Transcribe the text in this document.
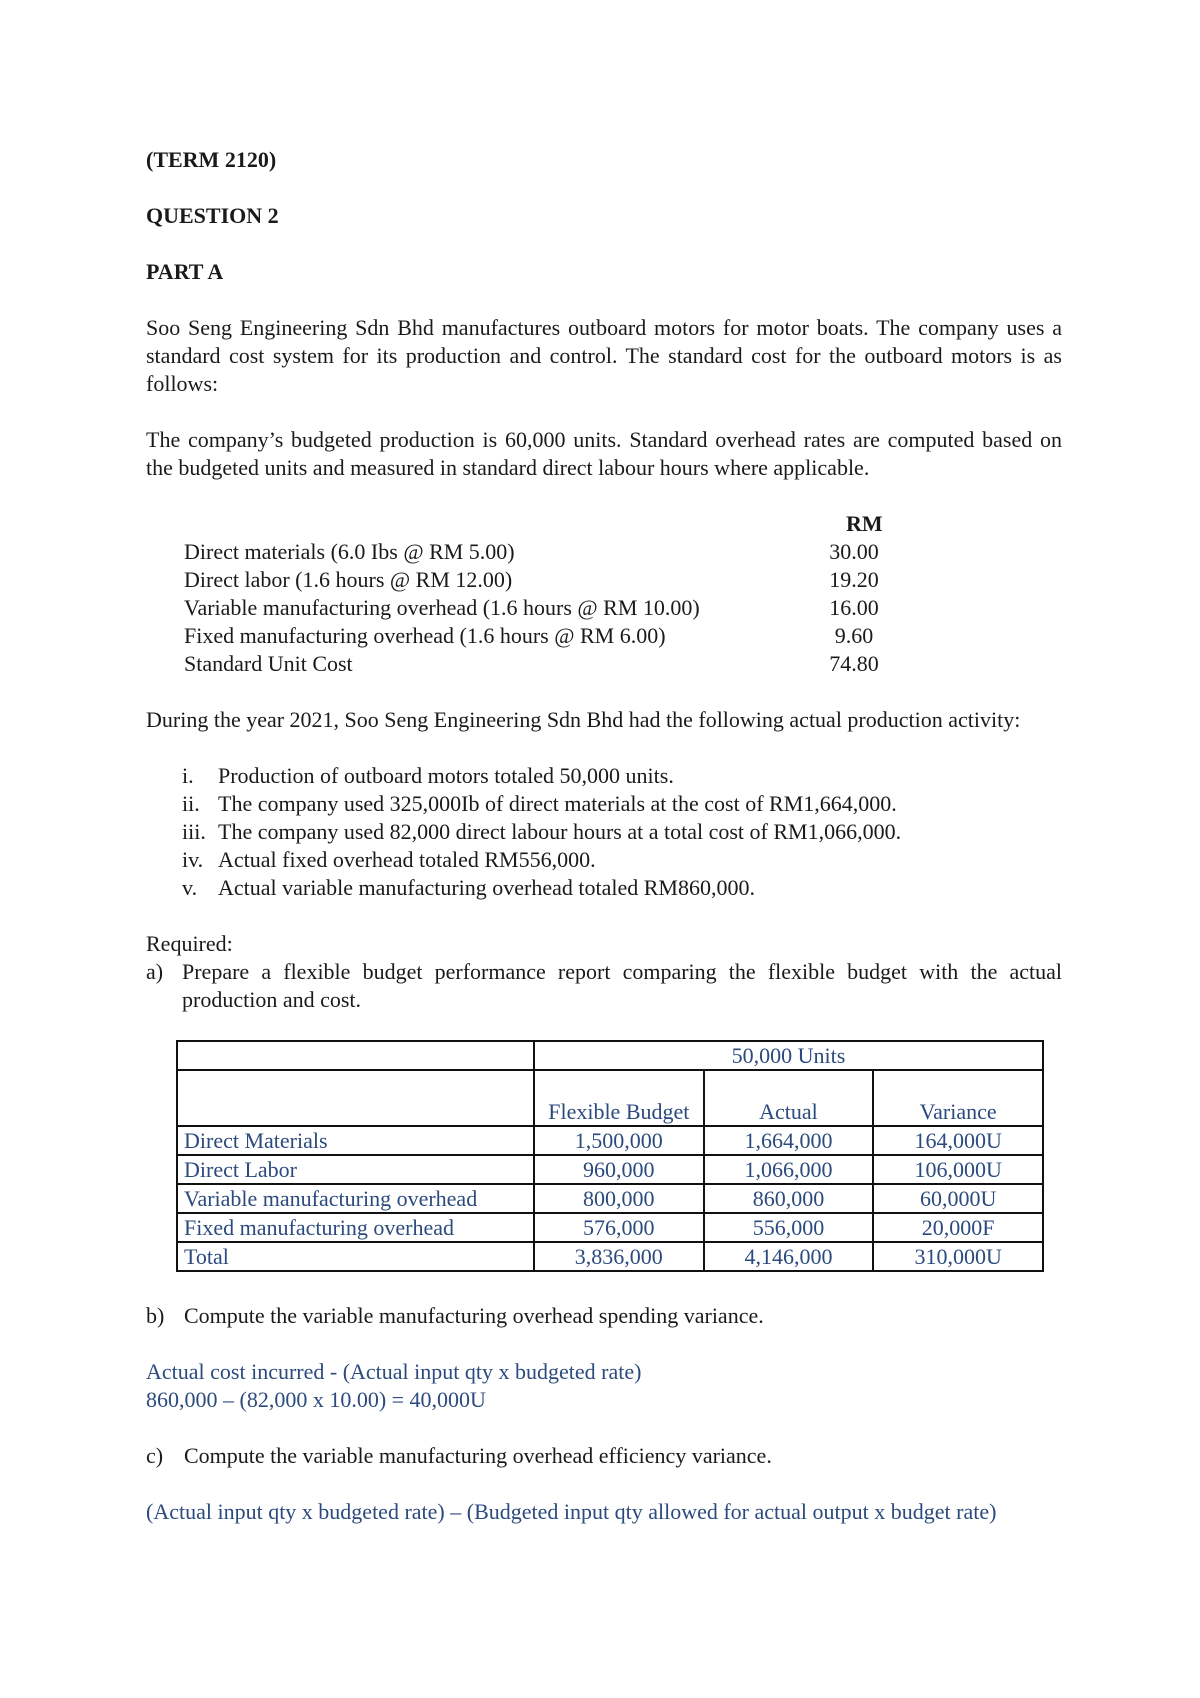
(TERM 2120)
QUESTION 2
PART A
Soo Seng Engineering Sdn Bhd manufactures outboard motors for motor boats. The company uses a standard cost system for its production and control. The standard cost for the outboard motors is as follows:
The company’s budgeted production is 60,000 units. Standard overhead rates are computed based on the budgeted units and measured in standard direct labour hours where applicable.
RM
Direct materials (6.0 Ibs @ RM 5.00)	30.00
Direct labor (1.6 hours @ RM 12.00)	19.20
Variable manufacturing overhead (1.6 hours @ RM 10.00)	16.00
Fixed manufacturing overhead (1.6 hours @ RM 6.00)	9.60
Standard Unit Cost	74.80
During the year 2021, Soo Seng Engineering Sdn Bhd had the following actual production activity:
i. Production of outboard motors totaled 50,000 units.
ii. The company used 325,000Ib of direct materials at the cost of RM1,664,000.
iii. The company used 82,000 direct labour hours at a total cost of RM1,066,000.
iv. Actual fixed overhead totaled RM556,000.
v. Actual variable manufacturing overhead totaled RM860,000.
Required:
a) Prepare a flexible budget performance report comparing the flexible budget with the actual production and cost.
	50,000 Units		
	Flexible Budget	Actual	Variance
Direct Materials	1,500,000	1,664,000	164,000U
Direct Labor	960,000	1,066,000	106,000U
Variable manufacturing overhead	800,000	860,000	60,000U
Fixed manufacturing overhead	576,000	556,000	20,000F
Total	3,836,000	4,146,000	310,000U
b) Compute the variable manufacturing overhead spending variance.
Actual cost incurred - (Actual input qty x budgeted rate)
860,000 – (82,000 x 10.00) = 40,000U
c) Compute the variable manufacturing overhead efficiency variance.
(Actual input qty x budgeted rate) – (Budgeted input qty allowed for actual output x budget rate)
